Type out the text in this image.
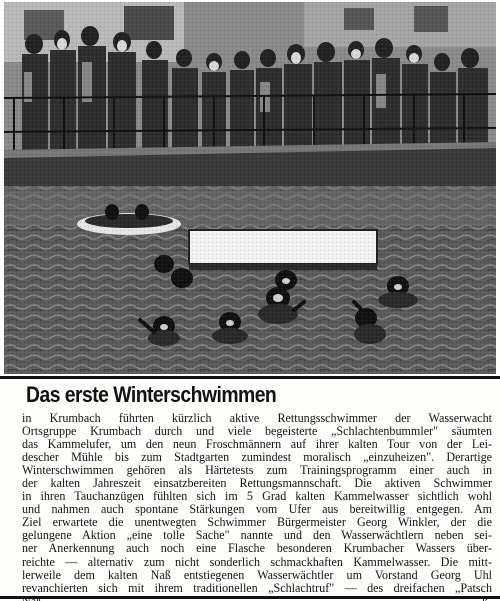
Das erste Winterschwimmen
in Krumbach führten kürzlich aktive Rettungsschwimmer der Wasserwacht
Ortsgruppe Krumbach durch und viele begeisterte „Schlachtenbummler" säumten
das Kammelufer, um den neun Froschmännern auf ihrer kalten Tour von der Lei-
descher Mühle bis zum Stadtgarten zumindest moralisch „einzuheizen". Derartige
Winterschwimmen gehören als Härtetests zum Trainingsprogramm einer auch in
der kalten Jahreszeit einsatzbereiten Rettungsmannschaft. Die aktiven Schwimmer
in ihren Tauchanzügen fühlten sich im 5 Grad kalten Kammelwasser sichtlich wohl
und nahmen auch spontane Stärkungen vom Ufer aus bereitwillig entgegen. Am
Ziel erwartete die unentwegten Schwimmer Bürgermeister Georg Winkler, der die
gelungene Aktion „eine tolle Sache" nannte und den Wasserwächtlern neben sei-
ner Anerkennung auch noch eine Flasche besonderen Krumbacher Wassers über-
reichte — alternativ zum nicht sonderlich schmackhaften Kammelwasser. Die mitt-
lerweile dem kalten Naß entstiegenen Wasserwächtler um Vorstand Georg Uhl
revanchierten sich mit ihrem traditionellen „Schlachtruf" — des dreifachen „Patsch
